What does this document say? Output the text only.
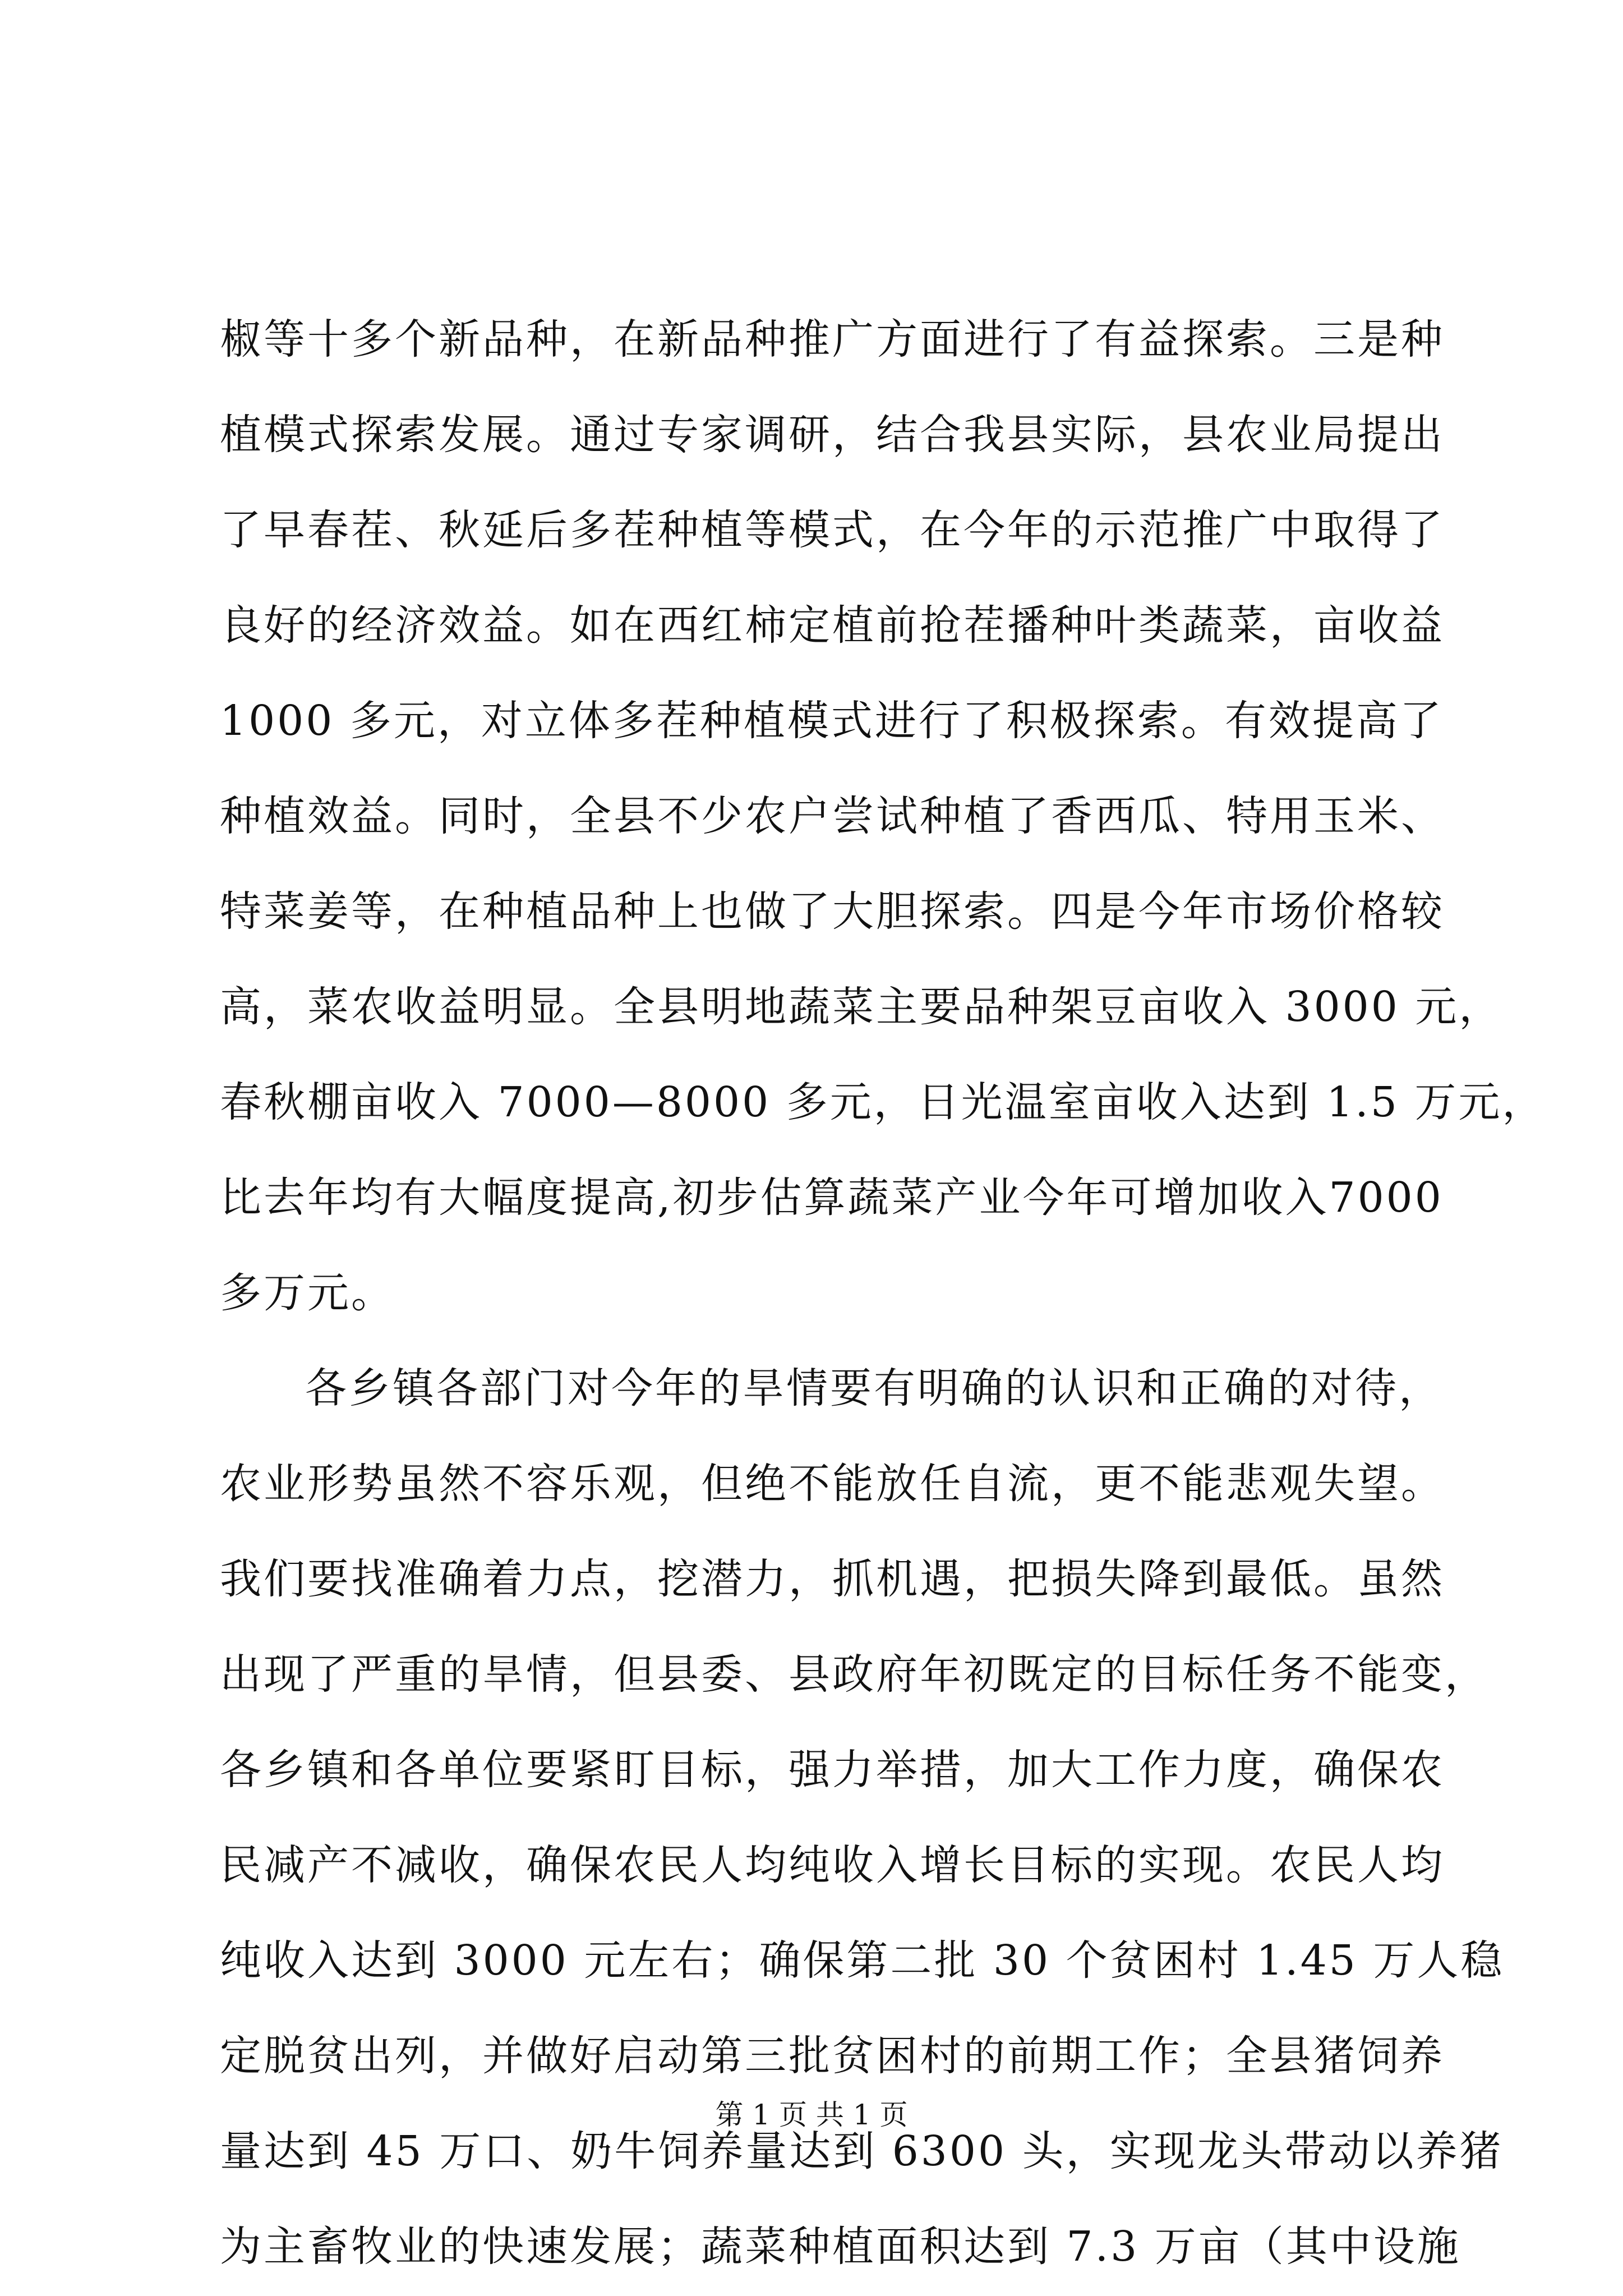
椒等十多个新品种，在新品种推广方面进行了有益探索。三是种
植模式探索发展。通过专家调研，结合我县实际，县农业局提出
了早春茬、秋延后多茬种植等模式，在今年的示范推广中取得了
良好的经济效益。如在西红柿定植前抢茬播种叶类蔬菜，亩收益
1000 多元，对立体多茬种植模式进行了积极探索。有效提高了
种植效益。同时，全县不少农户尝试种植了香西瓜、特用玉米、
特菜姜等，在种植品种上也做了大胆探索。四是今年市场价格较
高，菜农收益明显。全县明地蔬菜主要品种架豆亩收入 3000 元，
春秋棚亩收入 7000—8000 多元，日光温室亩收入达到 1.5 万元，
比去年均有大幅度提高,初步估算蔬菜产业今年可增加收入7000
多万元。
各乡镇各部门对今年的旱情要有明确的认识和正确的对待，
农业形势虽然不容乐观，但绝不能放任自流，更不能悲观失望。
我们要找准确着力点，挖潜力，抓机遇，把损失降到最低。虽然
出现了严重的旱情，但县委、县政府年初既定的目标任务不能变，
各乡镇和各单位要紧盯目标，强力举措，加大工作力度，确保农
民减产不减收，确保农民人均纯收入增长目标的实现。农民人均
纯收入达到 3000 元左右；确保第二批 30 个贫困村 1.45 万人稳
定脱贫出列，并做好启动第三批贫困村的前期工作；全县猪饲养
量达到 45 万口、奶牛饲养量达到 6300 头，实现龙头带动以养猪
为主畜牧业的快速发展；蔬菜种植面积达到 7.3 万亩（其中设施
第 1 页 共 1 页
